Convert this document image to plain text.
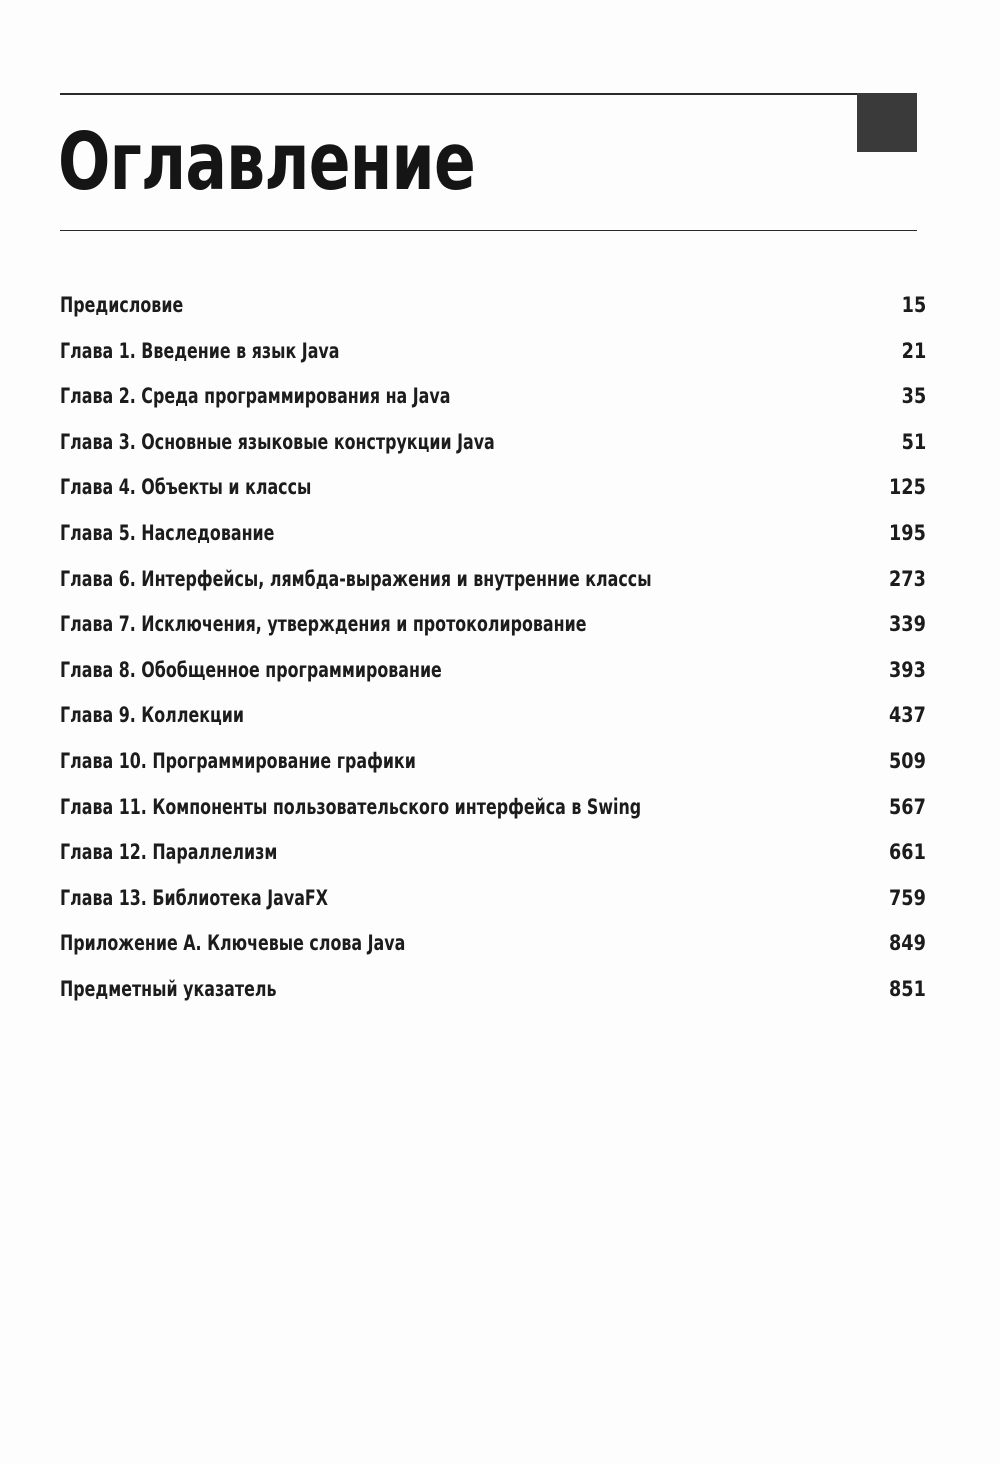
Оглавление
Предисловие	15
Глава 1. Введение в язык Java	21
Глава 2. Среда программирования на Java	35
Глава 3. Основные языковые конструкции Java	51
Глава 4. Объекты и классы	125
Глава 5. Наследование	195
Глава 6. Интерфейсы, лямбда-выражения и внутренние классы	273
Глава 7. Исключения, утверждения и протоколирование	339
Глава 8. Обобщенное программирование	393
Глава 9. Коллекции	437
Глава 10. Программирование графики	509
Глава 11. Компоненты пользовательского интерфейса в Swing	567
Глава 12. Параллелизм	661
Глава 13. Библиотека JavaFX	759
Приложение А. Ключевые слова Java	849
Предметный указатель	851
